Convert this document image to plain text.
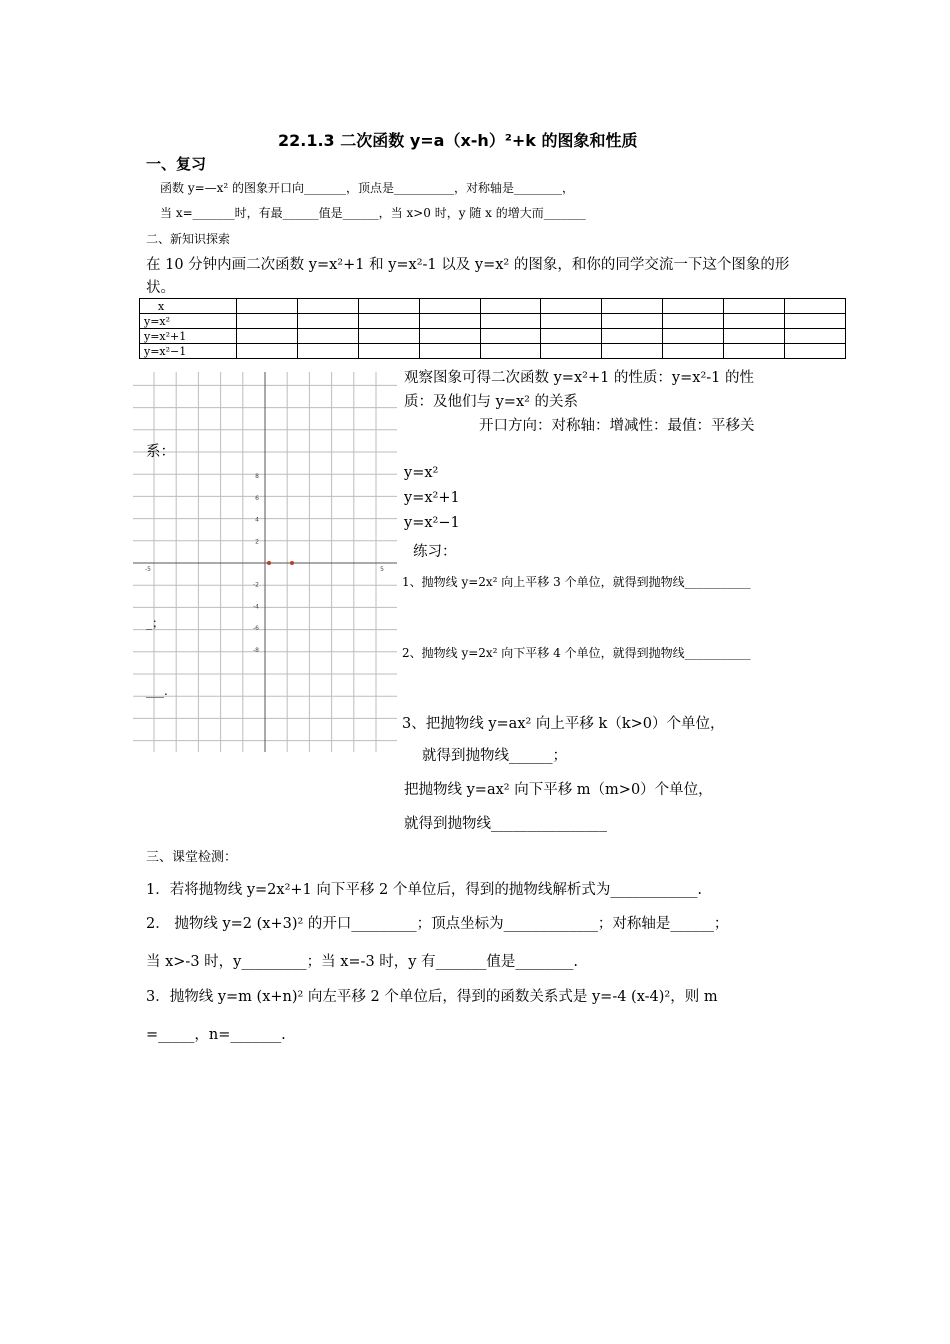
22.1.3 二次函数 y=a（x-h）²+k 的图象和性质
一、复习
函数 y=—x² 的图象开口向_______，顶点是__________，对称轴是________，
当 x=_______时，有最______值是______，当 x>0 时，y 随 x 的增大而_______
二、新知识探索
在 10 分钟内画二次函数 y=x²+1 和 y=x²-1 以及 y=x² 的图象，和你的同学交流一下这个图象的形
状。
x										
y=x²										
y=x²+1										
y=x²−1										
8
6
4
2
-2
-4
-6
-8
-5	5
观察图象可得二次函数 y=x²+1 的性质：y=x²-1 的性
质：及他们与 y=x² 的关系
开口方向：对称轴：增减性：最值：平移关
系：
y=x²
y=x²+1
y=x²−1
练习：
1、抛物线 y=2x² 向上平移 3 个单位，就得到抛物线___________
_；
2、抛物线 y=2x² 向下平移 4 个单位，就得到抛物线___________
___.
3、把抛物线 y=ax² 向上平移 k（k>0）个单位，
就得到抛物线______；
把抛物线 y=ax² 向下平移 m（m>0）个单位，
就得到抛物线________________
三、课堂检测：
1．若将抛物线 y=2x²+1 向下平移 2 个单位后，得到的抛物线解析式为____________.
2． 抛物线 y=2 (x+3)² 的开口_________；顶点坐标为_____________；对称轴是______；
当 x>-3 时，y_________；当 x=-3 时，y 有_______值是________.
3．抛物线 y=m (x+n)² 向左平移 2 个单位后，得到的函数关系式是 y=-4 (x-4)²，则 m
=_____，n=_______.
